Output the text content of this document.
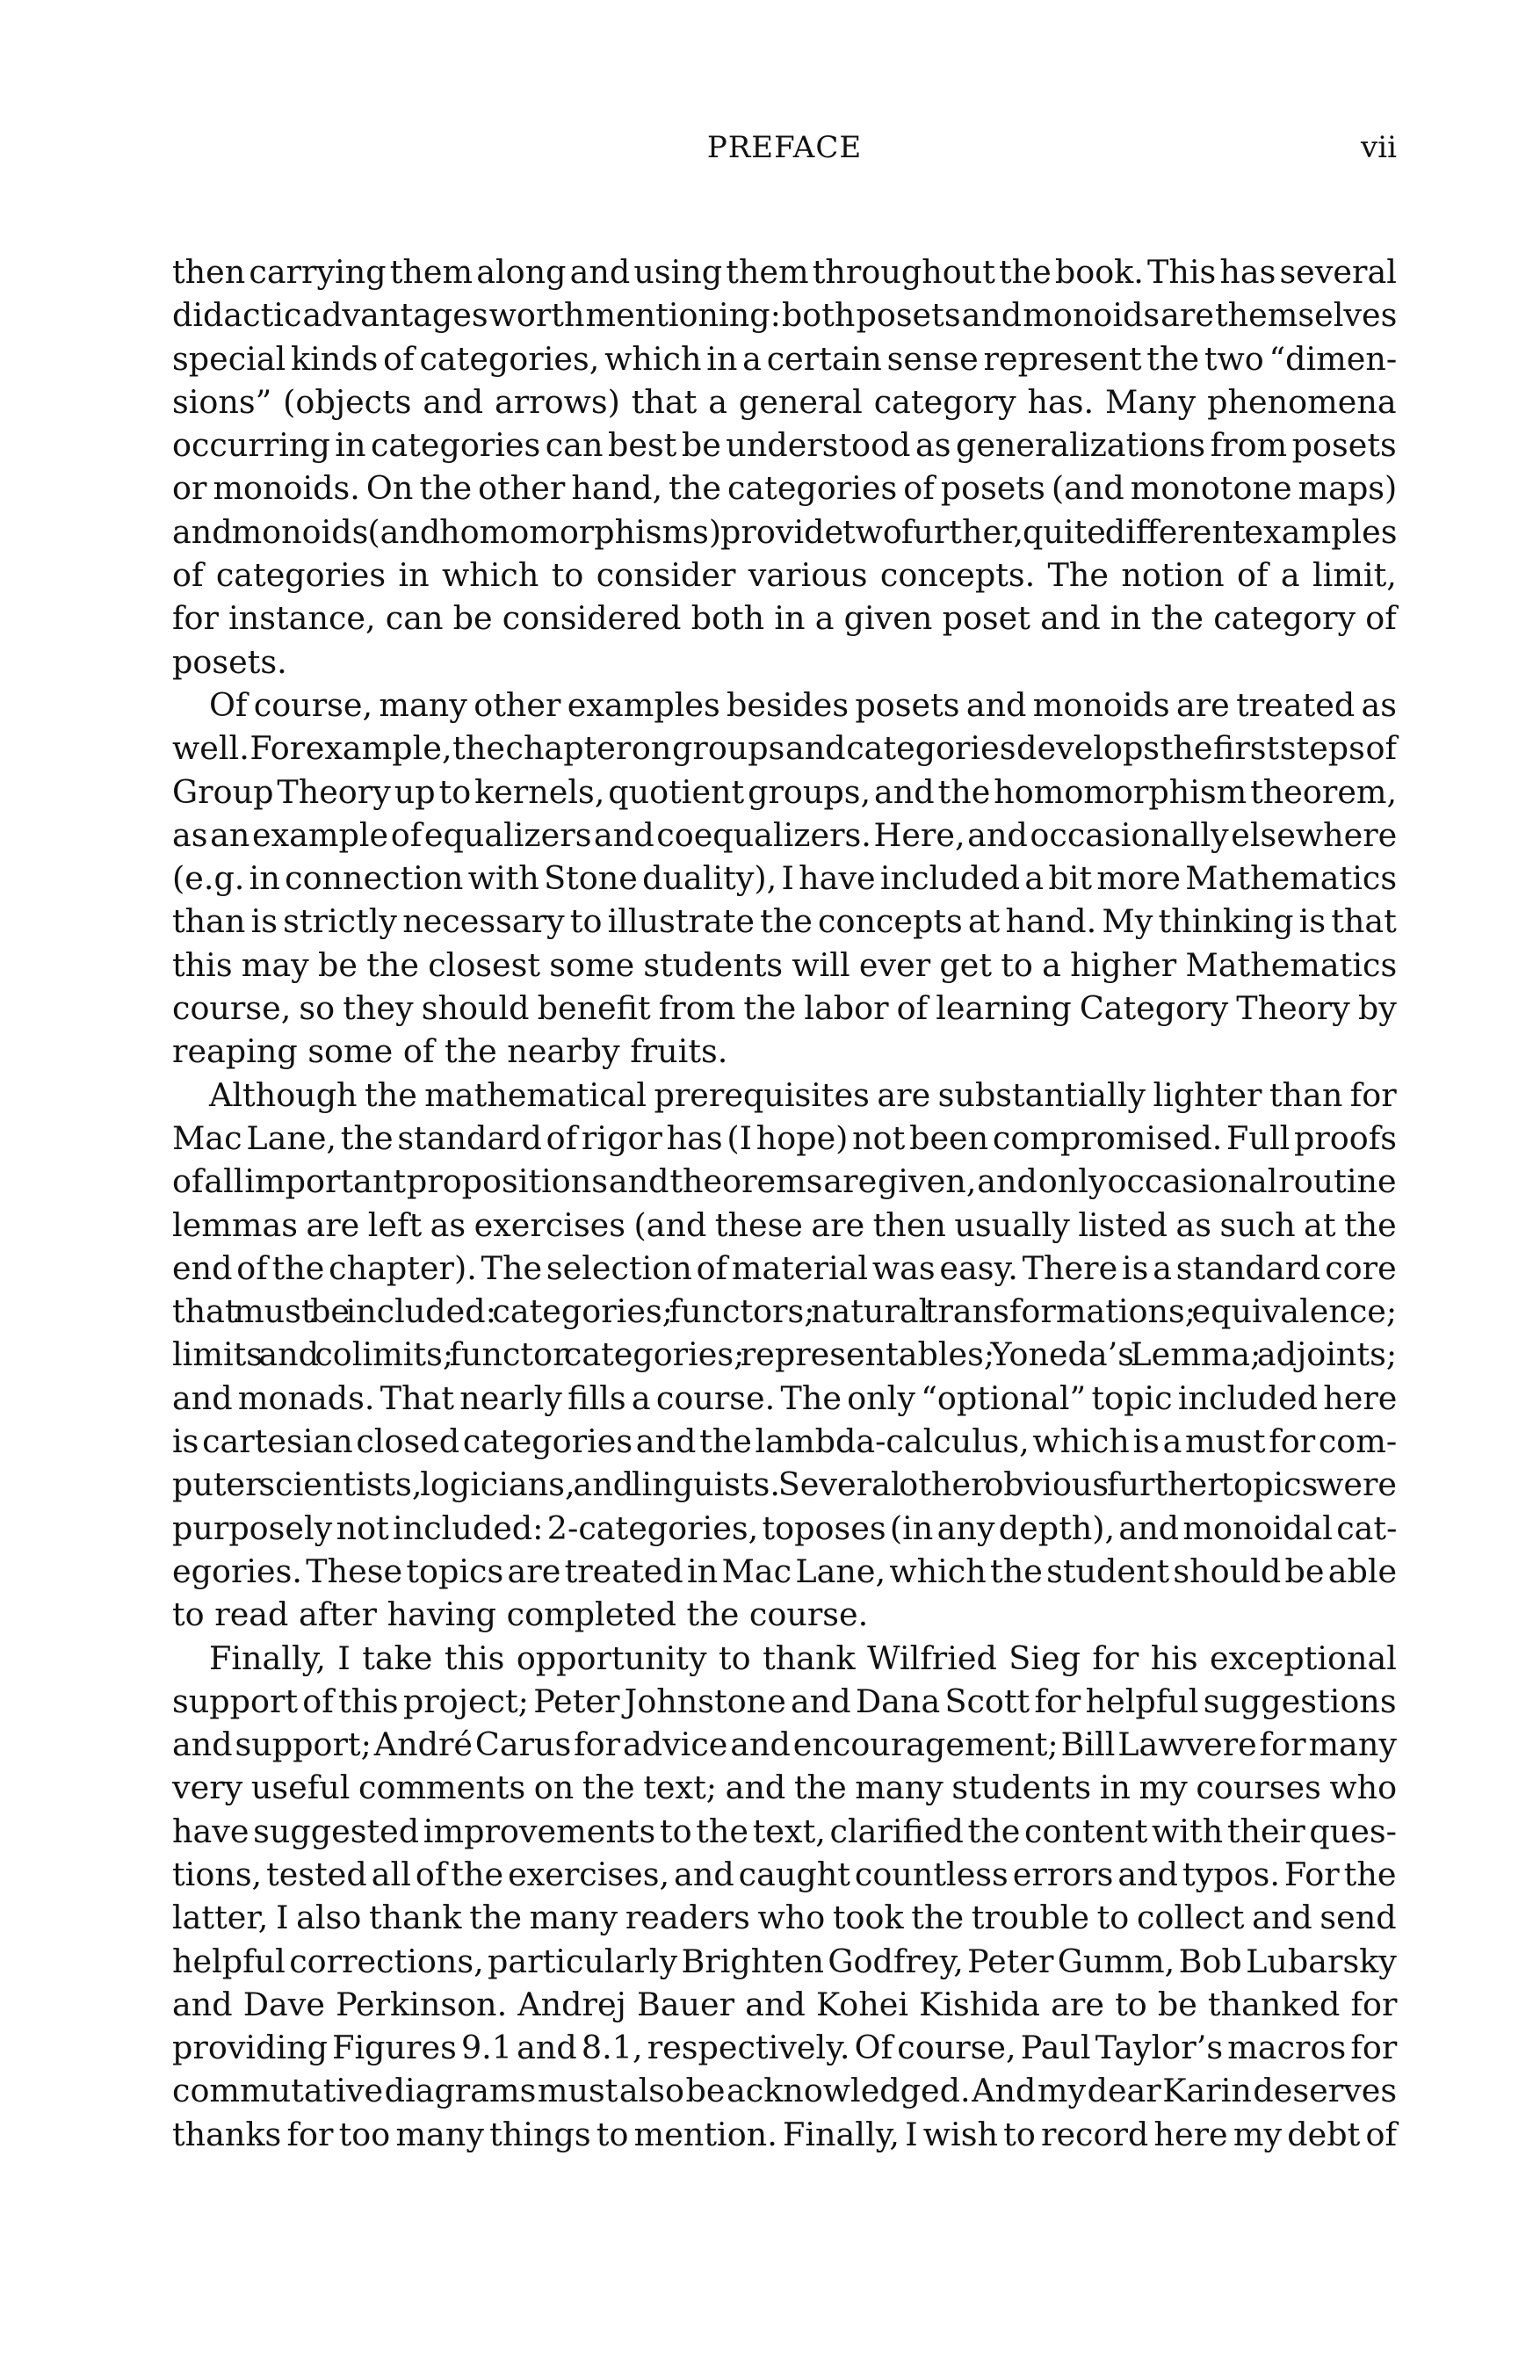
PREFACE	vii
then carrying them along and using them throughout the book. This has several
didactic advantages worth mentioning: both posets and monoids are themselves
special kinds of categories, which in a certain sense represent the two “dimen-
sions” (objects and arrows) that a general category has. Many phenomena
occurring in categories can best be understood as generalizations from posets
or monoids. On the other hand, the categories of posets (and monotone maps)
and monoids (and homomorphisms) provide two further, quite different examples
of categories in which to consider various concepts. The notion of a limit,
for instance, can be considered both in a given poset and in the category of
posets.
Of course, many other examples besides posets and monoids are treated as
well. For example, the chapter on groups and categories develops the first steps of
Group Theory up to kernels, quotient groups, and the homomorphism theorem,
as an example of equalizers and coequalizers. Here, and occasionally elsewhere
(e.g. in connection with Stone duality), I have included a bit more Mathematics
than is strictly necessary to illustrate the concepts at hand. My thinking is that
this may be the closest some students will ever get to a higher Mathematics
course, so they should benefit from the labor of learning Category Theory by
reaping some of the nearby fruits.
Although the mathematical prerequisites are substantially lighter than for
Mac Lane, the standard of rigor has (I hope) not been compromised. Full proofs
of all important propositions and theorems are given, and only occasional routine
lemmas are left as exercises (and these are then usually listed as such at the
end of the chapter). The selection of material was easy. There is a standard core
that must be included: categories; functors; natural transformations; equivalence;
limits and colimits; functor categories; representables; Yoneda’s Lemma; adjoints;
and monads. That nearly fills a course. The only “optional” topic included here
is cartesian closed categories and the lambda-calculus, which is a must for com-
puter scientists, logicians, and linguists. Several other obvious further topics were
purposely not included: 2-categories, toposes (in any depth), and monoidal cat-
egories. These topics are treated in Mac Lane, which the student should be able
to read after having completed the course.
Finally, I take this opportunity to thank Wilfried Sieg for his exceptional
support of this project; Peter Johnstone and Dana Scott for helpful suggestions
and support; André Carus for advice and encouragement; Bill Lawvere for many
very useful comments on the text; and the many students in my courses who
have suggested improvements to the text, clarified the content with their ques-
tions, tested all of the exercises, and caught countless errors and typos. For the
latter, I also thank the many readers who took the trouble to collect and send
helpful corrections, particularly Brighten Godfrey, Peter Gumm, Bob Lubarsky
and Dave Perkinson. Andrej Bauer and Kohei Kishida are to be thanked for
providing Figures 9.1 and 8.1, respectively. Of course, Paul Taylor’s macros for
commutative diagrams must also be acknowledged. And my dear Karin deserves
thanks for too many things to mention. Finally, I wish to record here my debt of
